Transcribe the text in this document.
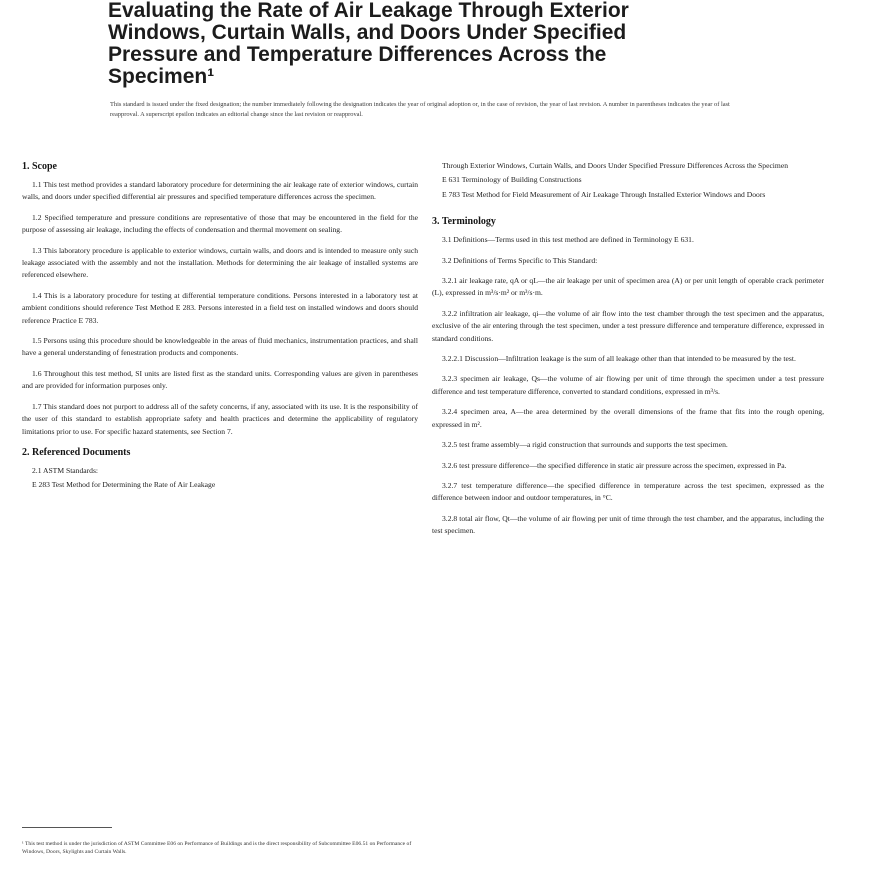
Evaluating the Rate of Air Leakage Through Exterior
Windows, Curtain Walls, and Doors Under Specified
Pressure and Temperature Differences Across the
Specimen¹
This standard is issued under the fixed designation; the number immediately following the designation indicates the year of original adoption or, in the case of revision, the year of last revision. A number in parentheses indicates the year of last reapproval. A superscript epsilon indicates an editorial change since the last revision or reapproval.
1. Scope

1.1 This test method provides a standard laboratory procedure for determining the air leakage rate of exterior windows, curtain walls, and doors under specified differential air pressures and specified temperature differences across the specimen.

1.2 Specified temperature and pressure conditions are representative of those that may be encountered in the field for the purpose of assessing air leakage, including the effects of condensation and thermal movement on sealing.

1.3 This laboratory procedure is applicable to exterior windows, curtain walls, and doors and is intended to measure only such leakage associated with the assembly and not the installation. Methods for determining the air leakage of installed systems are referenced elsewhere.

1.4 This is a laboratory procedure for testing at differential temperature conditions. Persons interested in a laboratory test at ambient conditions should reference Test Method E 283. Persons interested in a field test on installed windows and doors should reference Practice E 783.

1.5 Persons using this procedure should be knowledgeable in the areas of fluid mechanics, instrumentation practices, and shall have a general understanding of fenestration products and components.

1.6 Throughout this test method, SI units are listed first as the standard units. Corresponding values are given in parentheses and are provided for information purposes only.

1.7 This standard does not purport to address all of the safety concerns, if any, associated with its use. It is the responsibility of the user of this standard to establish appropriate safety and health practices and determine the applicability of regulatory limitations prior to use. For specific hazard statements, see Section 7.

2. Referenced Documents

2.1 ASTM Standards:

E 283 Test Method for Determining the Rate of Air Leakage

Through Exterior Windows, Curtain Walls, and Doors Under Specified Pressure Differences Across the Specimen

E 631 Terminology of Building Constructions

E 783 Test Method for Field Measurement of Air Leakage Through Installed Exterior Windows and Doors

3. Terminology

3.1 Definitions—Terms used in this test method are defined in Terminology E 631.

3.2 Definitions of Terms Specific to This Standard:

3.2.1 air leakage rate, qA or qL—the air leakage per unit of specimen area (A) or per unit length of operable crack perimeter (L), expressed in m³/s·m² or m³/s·m.

3.2.2 infiltration air leakage, qi—the volume of air flow into the test chamber through the test specimen and the apparatus, exclusive of the air entering through the test specimen, under a test pressure difference and temperature difference, expressed in standard conditions.

3.2.2.1 Discussion—Infiltration leakage is the sum of all leakage other than that intended to be measured by the test.

3.2.3 specimen air leakage, Qs—the volume of air flowing per unit of time through the specimen under a test pressure difference and test temperature difference, converted to standard conditions, expressed in m³/s.

3.2.4 specimen area, A—the area determined by the overall dimensions of the frame that fits into the rough opening, expressed in m².

3.2.5 test frame assembly—a rigid construction that surrounds and supports the test specimen.

3.2.6 test pressure difference—the specified difference in static air pressure across the specimen, expressed in Pa.

3.2.7 test temperature difference—the specified difference in temperature across the test specimen, expressed as the difference between indoor and outdoor temperatures, in °C.

3.2.8 total air flow, Qt—the volume of air flowing per unit of time through the test chamber, and the apparatus, including the test specimen.

¹ This test method is under the jurisdiction of ASTM Committee E06 on Performance of Buildings and is the direct responsibility of Subcommittee E06.51 on Performance of Windows, Doors, Skylights and Curtain Walls.
